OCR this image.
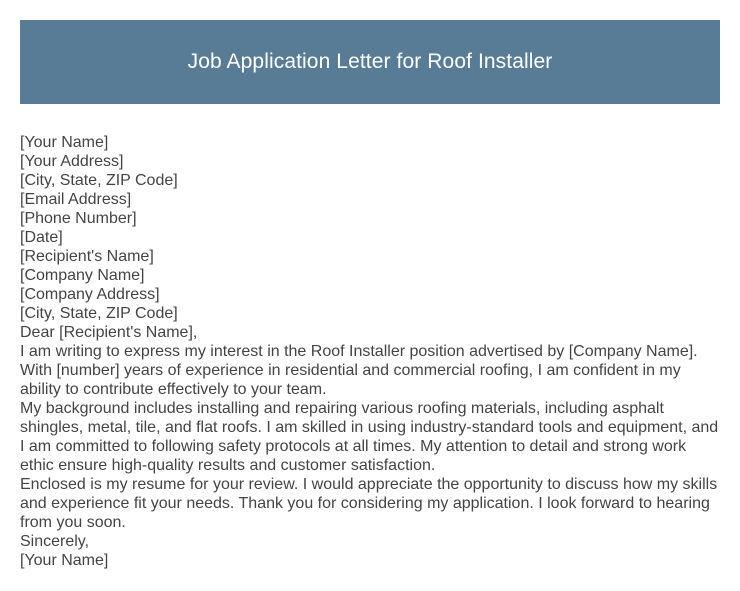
Job Application Letter for Roof Installer
[Your Name]
[Your Address]
[City, State, ZIP Code]
[Email Address]
[Phone Number]
[Date]
[Recipient's Name]
[Company Name]
[Company Address]
[City, State, ZIP Code]
Dear [Recipient's Name],
I am writing to express my interest in the Roof Installer position advertised by [Company Name]. With [number] years of experience in residential and commercial roofing, I am confident in my ability to contribute effectively to your team.
My background includes installing and repairing various roofing materials, including asphalt shingles, metal, tile, and flat roofs. I am skilled in using industry-standard tools and equipment, and I am committed to following safety protocols at all times. My attention to detail and strong work ethic ensure high-quality results and customer satisfaction.
Enclosed is my resume for your review. I would appreciate the opportunity to discuss how my skills and experience fit your needs. Thank you for considering my application. I look forward to hearing from you soon.
Sincerely,
[Your Name]
